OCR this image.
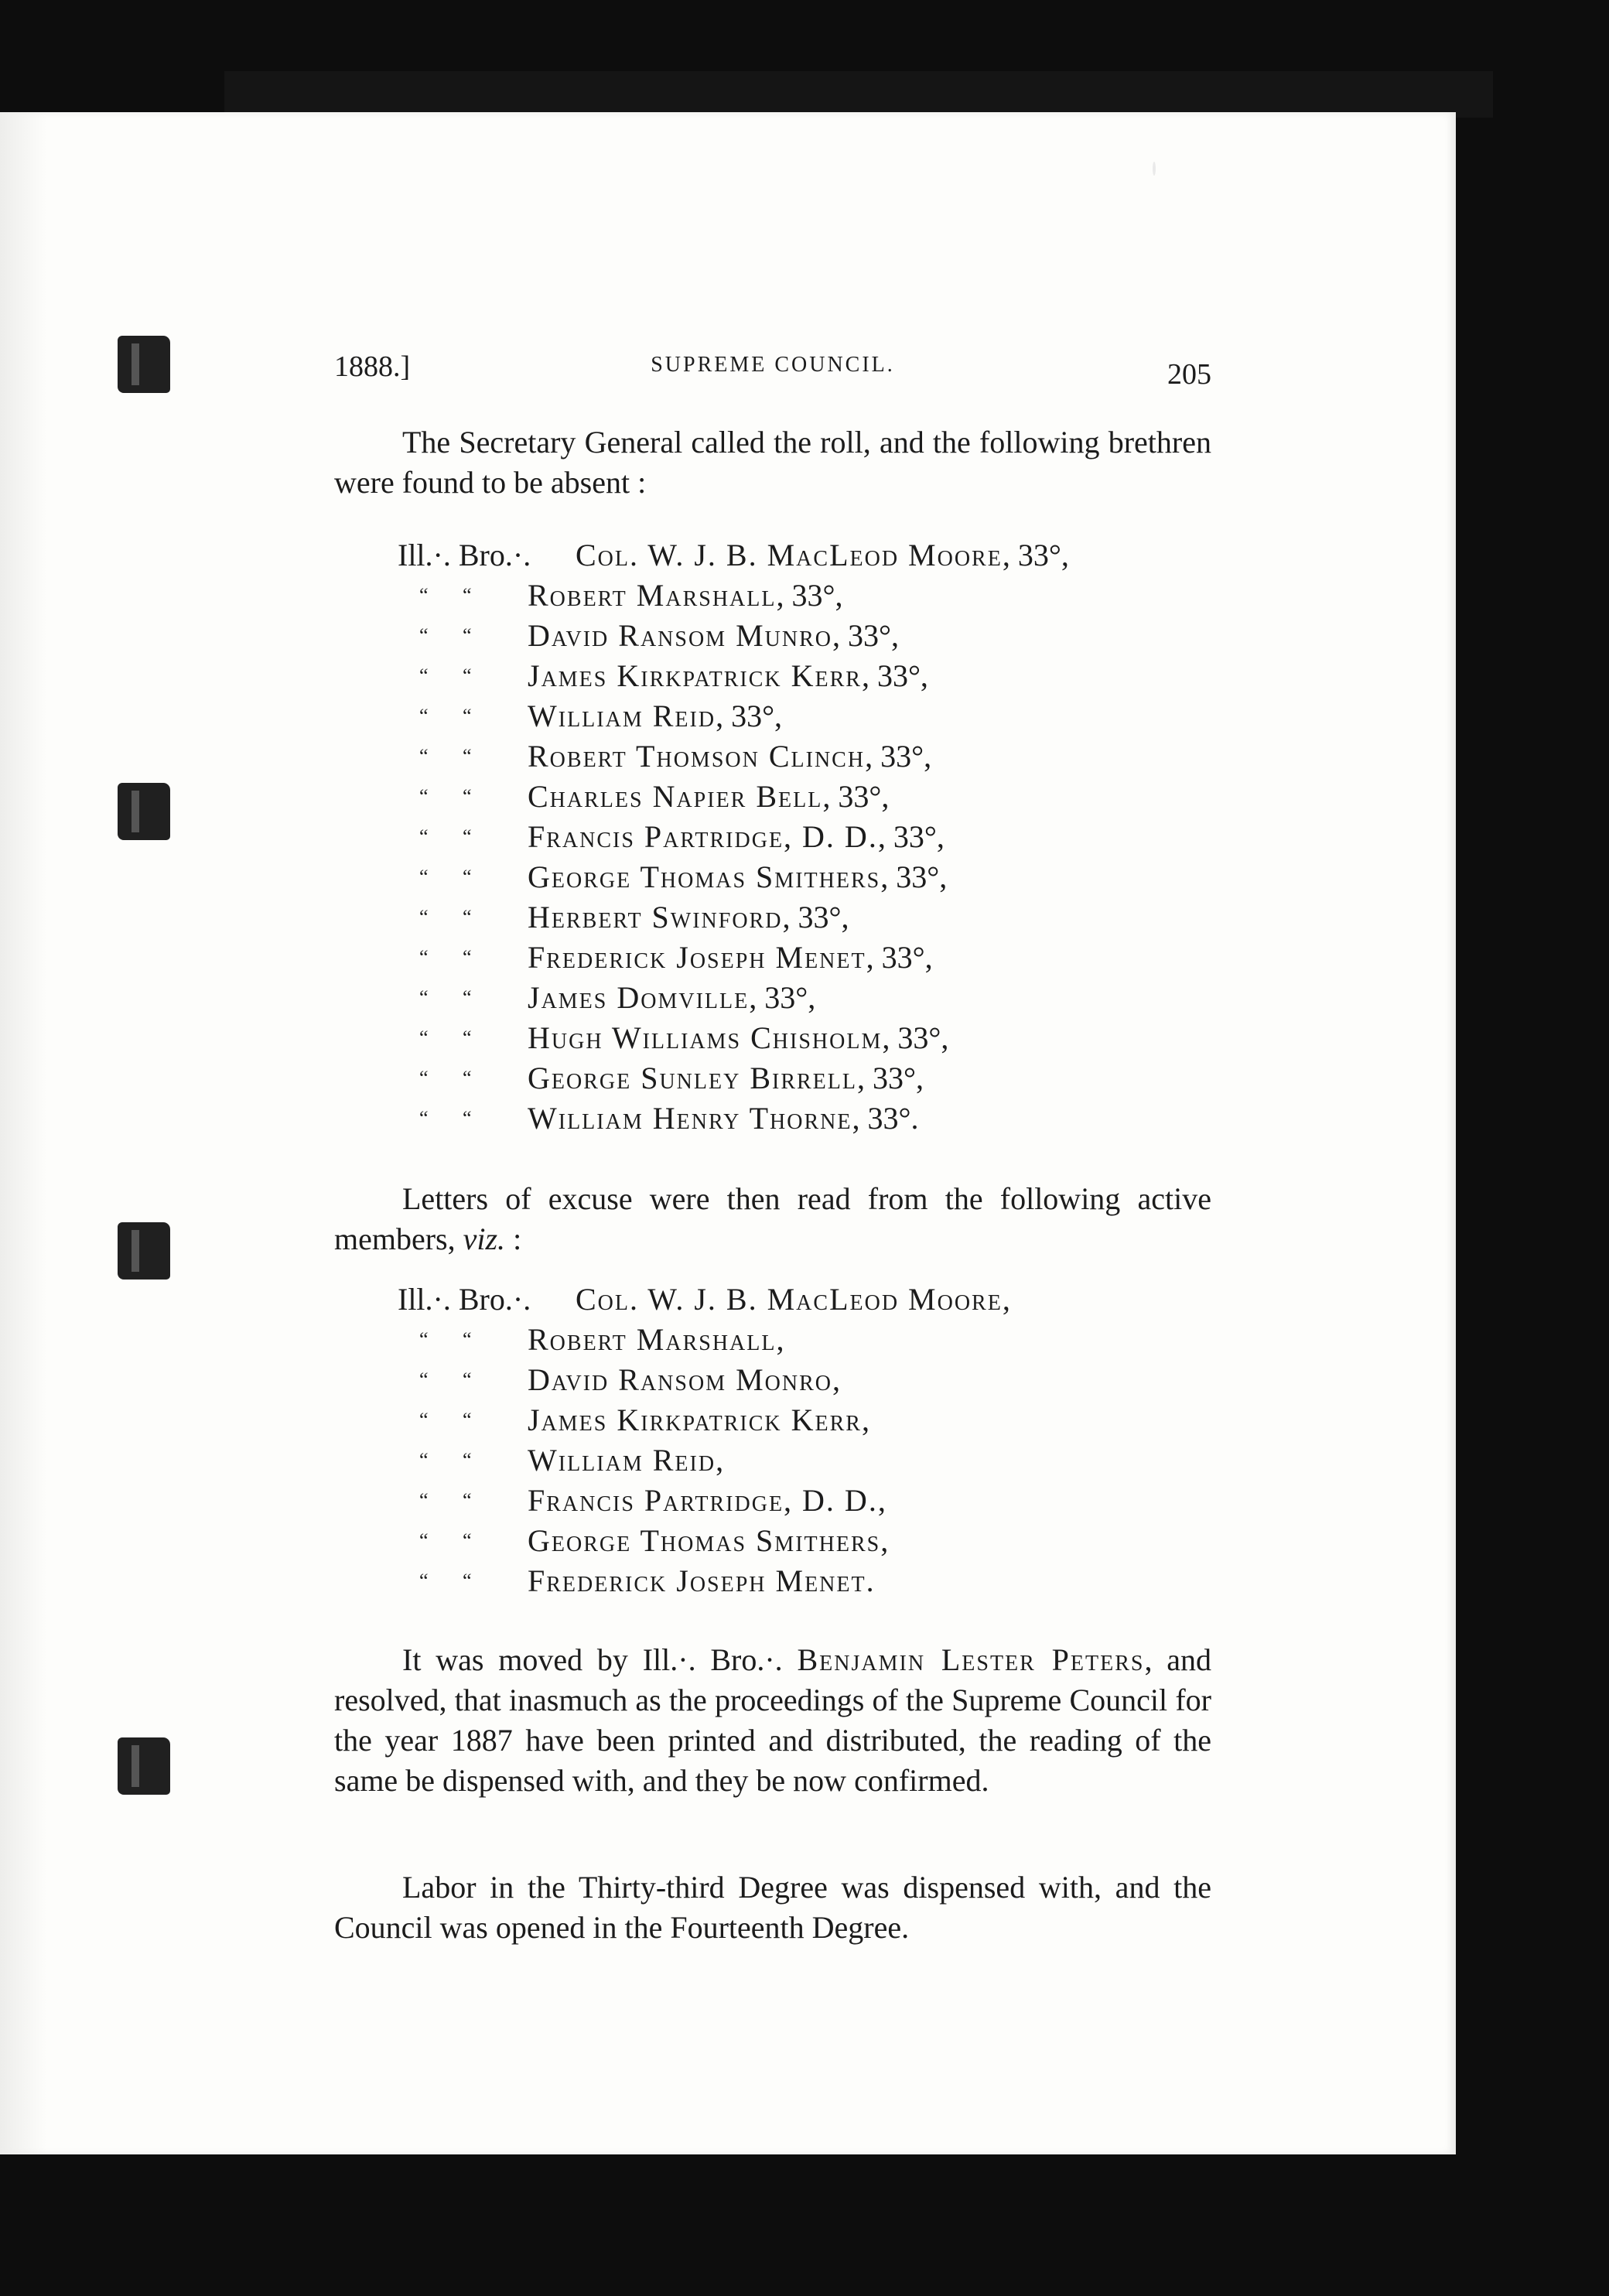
1888.]	SUPREME COUNCIL.	205

The Secretary General called the roll, and the following brethren were found to be absent :

Ill.·. Bro.·. Col. W. J. B. MacLeod Moore, 33°,
“ “ Robert Marshall, 33°,
“ “ David Ransom Munro, 33°,
“ “ James Kirkpatrick Kerr, 33°,
“ “ William Reid, 33°,
“ “ Robert Thomson Clinch, 33°,
“ “ Charles Napier Bell, 33°,
“ “ Francis Partridge, D. D., 33°,
“ “ George Thomas Smithers, 33°,
“ “ Herbert Swinford, 33°,
“ “ Frederick Joseph Menet, 33°,
“ “ James Domville, 33°,
“ “ Hugh Williams Chisholm, 33°,
“ “ George Sunley Birrell, 33°,
“ “ William Henry Thorne, 33°.

Letters of excuse were then read from the following active members, viz. :

Ill.·. Bro.·. Col. W. J. B. MacLeod Moore,
“ “ Robert Marshall,
“ “ David Ransom Monro,
“ “ James Kirkpatrick Kerr,
“ “ William Reid,
“ “ Francis Partridge, D. D.,
“ “ George Thomas Smithers,
“ “ Frederick Joseph Menet.

It was moved by Ill.·. Bro.·. Benjamin Lester Peters, and resolved, that inasmuch as the proceedings of the Supreme Council for the year 1887 have been printed and distributed, the reading of the same be dispensed with, and they be now confirmed.

Labor in the Thirty-third Degree was dispensed with, and the Council was opened in the Fourteenth Degree.
